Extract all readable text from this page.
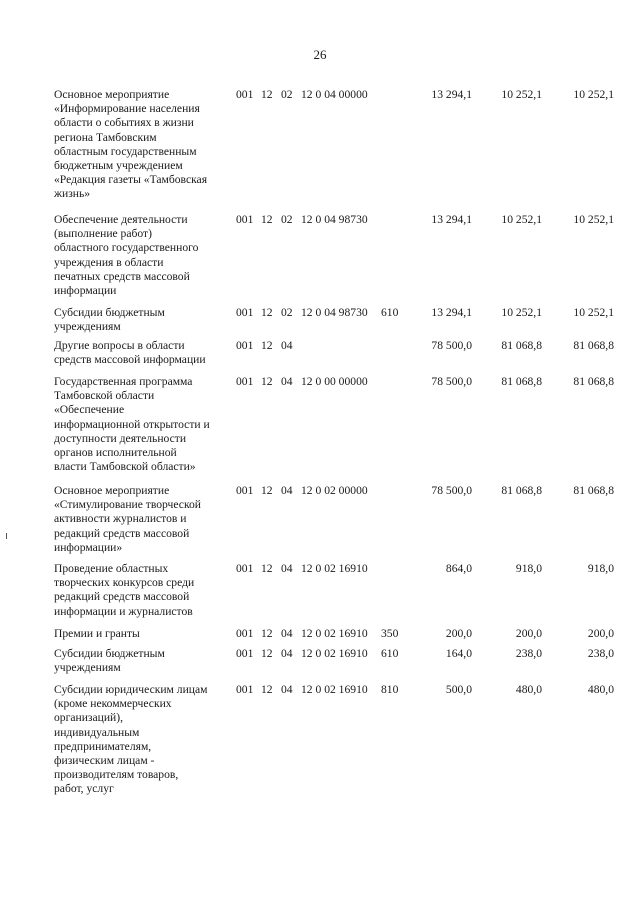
26
Основное мероприятие
«Информирование населения
области о событиях в жизни
региона Тамбовским
областным государственным
бюджетным учреждением
«Редакция газеты «Тамбовская
жизнь»
001 12 02 12 0 04 00000	13 294,1	10 252,1	10 252,1
Обеспечение деятельности
(выполнение работ)
областного государственного
учреждения в области
печатных средств массовой
информации
001 12 02 12 0 04 98730	13 294,1	10 252,1	10 252,1
Субсидии бюджетным
учреждениям
001 12 02 12 0 04 98730 610	13 294,1	10 252,1	10 252,1
Другие вопросы в области
средств массовой информации
001 12 04	78 500,0	81 068,8	81 068,8
Государственная программа
Тамбовской области
«Обеспечение
информационной открытости и
доступности деятельности
органов исполнительной
власти Тамбовской области»
001 12 04 12 0 00 00000	78 500,0	81 068,8	81 068,8
Основное мероприятие
«Стимулирование творческой
активности журналистов и
редакций средств массовой
информации»
001 12 04 12 0 02 00000	78 500,0	81 068,8	81 068,8
Проведение областных
творческих конкурсов среди
редакций средств массовой
информации и журналистов
001 12 04 12 0 02 16910	864,0	918,0	918,0
Премии и гранты	001 12 04 12 0 02 16910 350	200,0	200,0	200,0
Субсидии бюджетным
учреждениям
001 12 04 12 0 02 16910 610	164,0	238,0	238,0
Субсидии юридическим лицам
(кроме некоммерческих
организаций),
индивидуальным
предпринимателям,
физическим лицам -
производителям товаров,
работ, услуг
001 12 04 12 0 02 16910 810	500,0	480,0	480,0
